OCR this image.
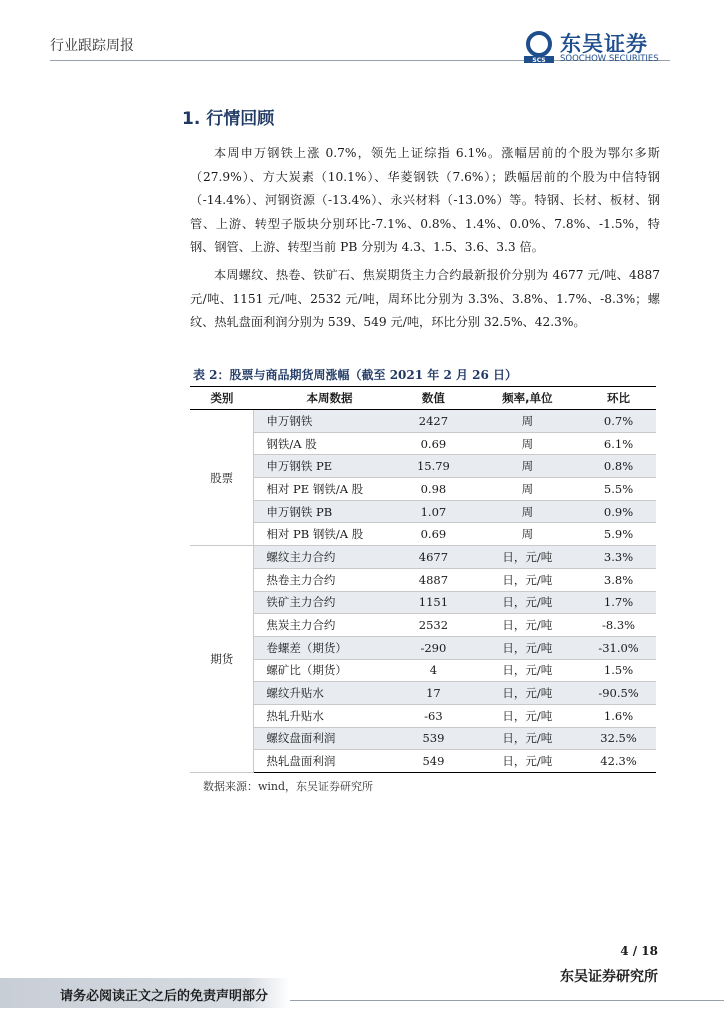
行业跟踪周报
SCS
东吴证券
SOOCHOW SECURITIES
1. 行情回顾

本周申万钢铁上涨 0.7%，领先上证综指 6.1%。涨幅居前的个股为鄂尔多斯（27.9%）、方大炭素（10.1%）、华菱钢铁（7.6%）；跌幅居前的个股为中信特钢（-14.4%）、河钢资源（-13.4%）、永兴材料（-13.0%）等。特钢、长材、板材、钢管、上游、转型子版块分别环比-7.1%、0.8%、1.4%、0.0%、7.8%、-1.5%，特钢、钢管、上游、转型当前 PB 分别为 4.3、1.5、3.6、3.3 倍。

本周螺纹、热卷、铁矿石、焦炭期货主力合约最新报价分别为 4677 元/吨、4887 元/吨、1151 元/吨、2532 元/吨，周环比分别为 3.3%、3.8%、1.7%、-8.3%；螺纹、热轧盘面利润分别为 539、549 元/吨，环比分别 32.5%、42.3%。

表 2：股票与商品期货周涨幅（截至 2021 年 2 月 26 日）
类别	本周数据	数值	频率,单位	环比
股票	申万钢铁	2427	周	0.7%
	钢铁/A 股	0.69	周	6.1%
	申万钢铁 PE	15.79	周	0.8%
	相对 PE 钢铁/A 股	0.98	周	5.5%
	申万钢铁 PB	1.07	周	0.9%
	相对 PB 钢铁/A 股	0.69	周	5.9%
期货	螺纹主力合约	4677	日，元/吨	3.3%
	热卷主力合约	4887	日，元/吨	3.8%
	铁矿主力合约	1151	日，元/吨	1.7%
	焦炭主力合约	2532	日，元/吨	-8.3%
	卷螺差（期货）	-290	日，元/吨	-31.0%
	螺矿比（期货）	4	日，元/吨	1.5%
	螺纹升贴水	17	日，元/吨	-90.5%
	热轧升贴水	-63	日，元/吨	1.6%
	螺纹盘面利润	539	日，元/吨	32.5%
	热轧盘面利润	549	日，元/吨	42.3%
数据来源：wind，东吴证券研究所
4 / 18
东吴证券研究所
请务必阅读正文之后的免责声明部分
